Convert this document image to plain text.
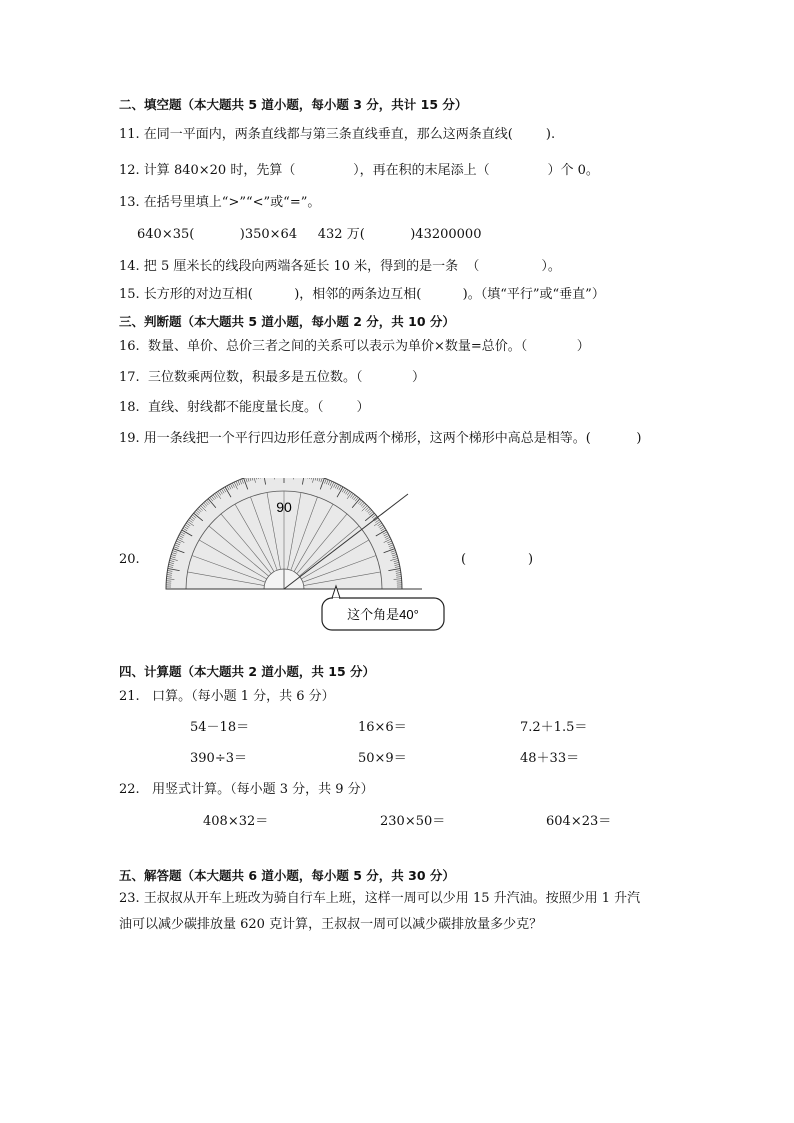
二、填空题（本大题共 5 道小题，每小题 3 分，共计 15 分）
11. 在同一平面内，两条直线都与第三条直线垂直，那么这两条直线(        ).
12. 计算 840×20 时，先算（              ），再在积的末尾添上（              ）个 0。
13. 在括号里填上“>”“<”或“=”。
640×35(           )350×64     432 万(           )43200000
14. 把 5 厘米长的线段向两端各延长 10 米，得到的是一条  （               ）。
15. 长方形的对边互相(          )，相邻的两条边互相(          )。（填“平行”或“垂直”）
三、判断题（本大题共 5 道小题，每小题 2 分，共 10 分）
16.  数量、单价、总价三者之间的关系可以表示为单价×数量=总价。（            ）
17.  三位数乘两位数，积最多是五位数。（            ）
18.  直线、射线都不能度量长度。（        ）
19. 用一条线把一个平行四边形任意分割成两个梯形，这两个梯形中高总是相等。(           )
20.	(               )
这个角是40°
90
四、计算题（本大题共 2 道小题，共 15 分）
21.   口算。（每小题 1 分，共 6 分）
54－18＝	16×6＝	7.2＋1.5＝
390÷3＝	50×9＝	48＋33＝
22.   用竖式计算。（每小题 3 分，共 9 分）
408×32＝	230×50＝	604×23＝
五、解答题（本大题共 6 道小题，每小题 5 分，共 30 分）
23. 王叔叔从开车上班改为骑自行车上班，这样一周可以少用 15 升汽油。按照少用 1 升汽
油可以减少碳排放量 620 克计算，王叔叔一周可以减少碳排放量多少克？
